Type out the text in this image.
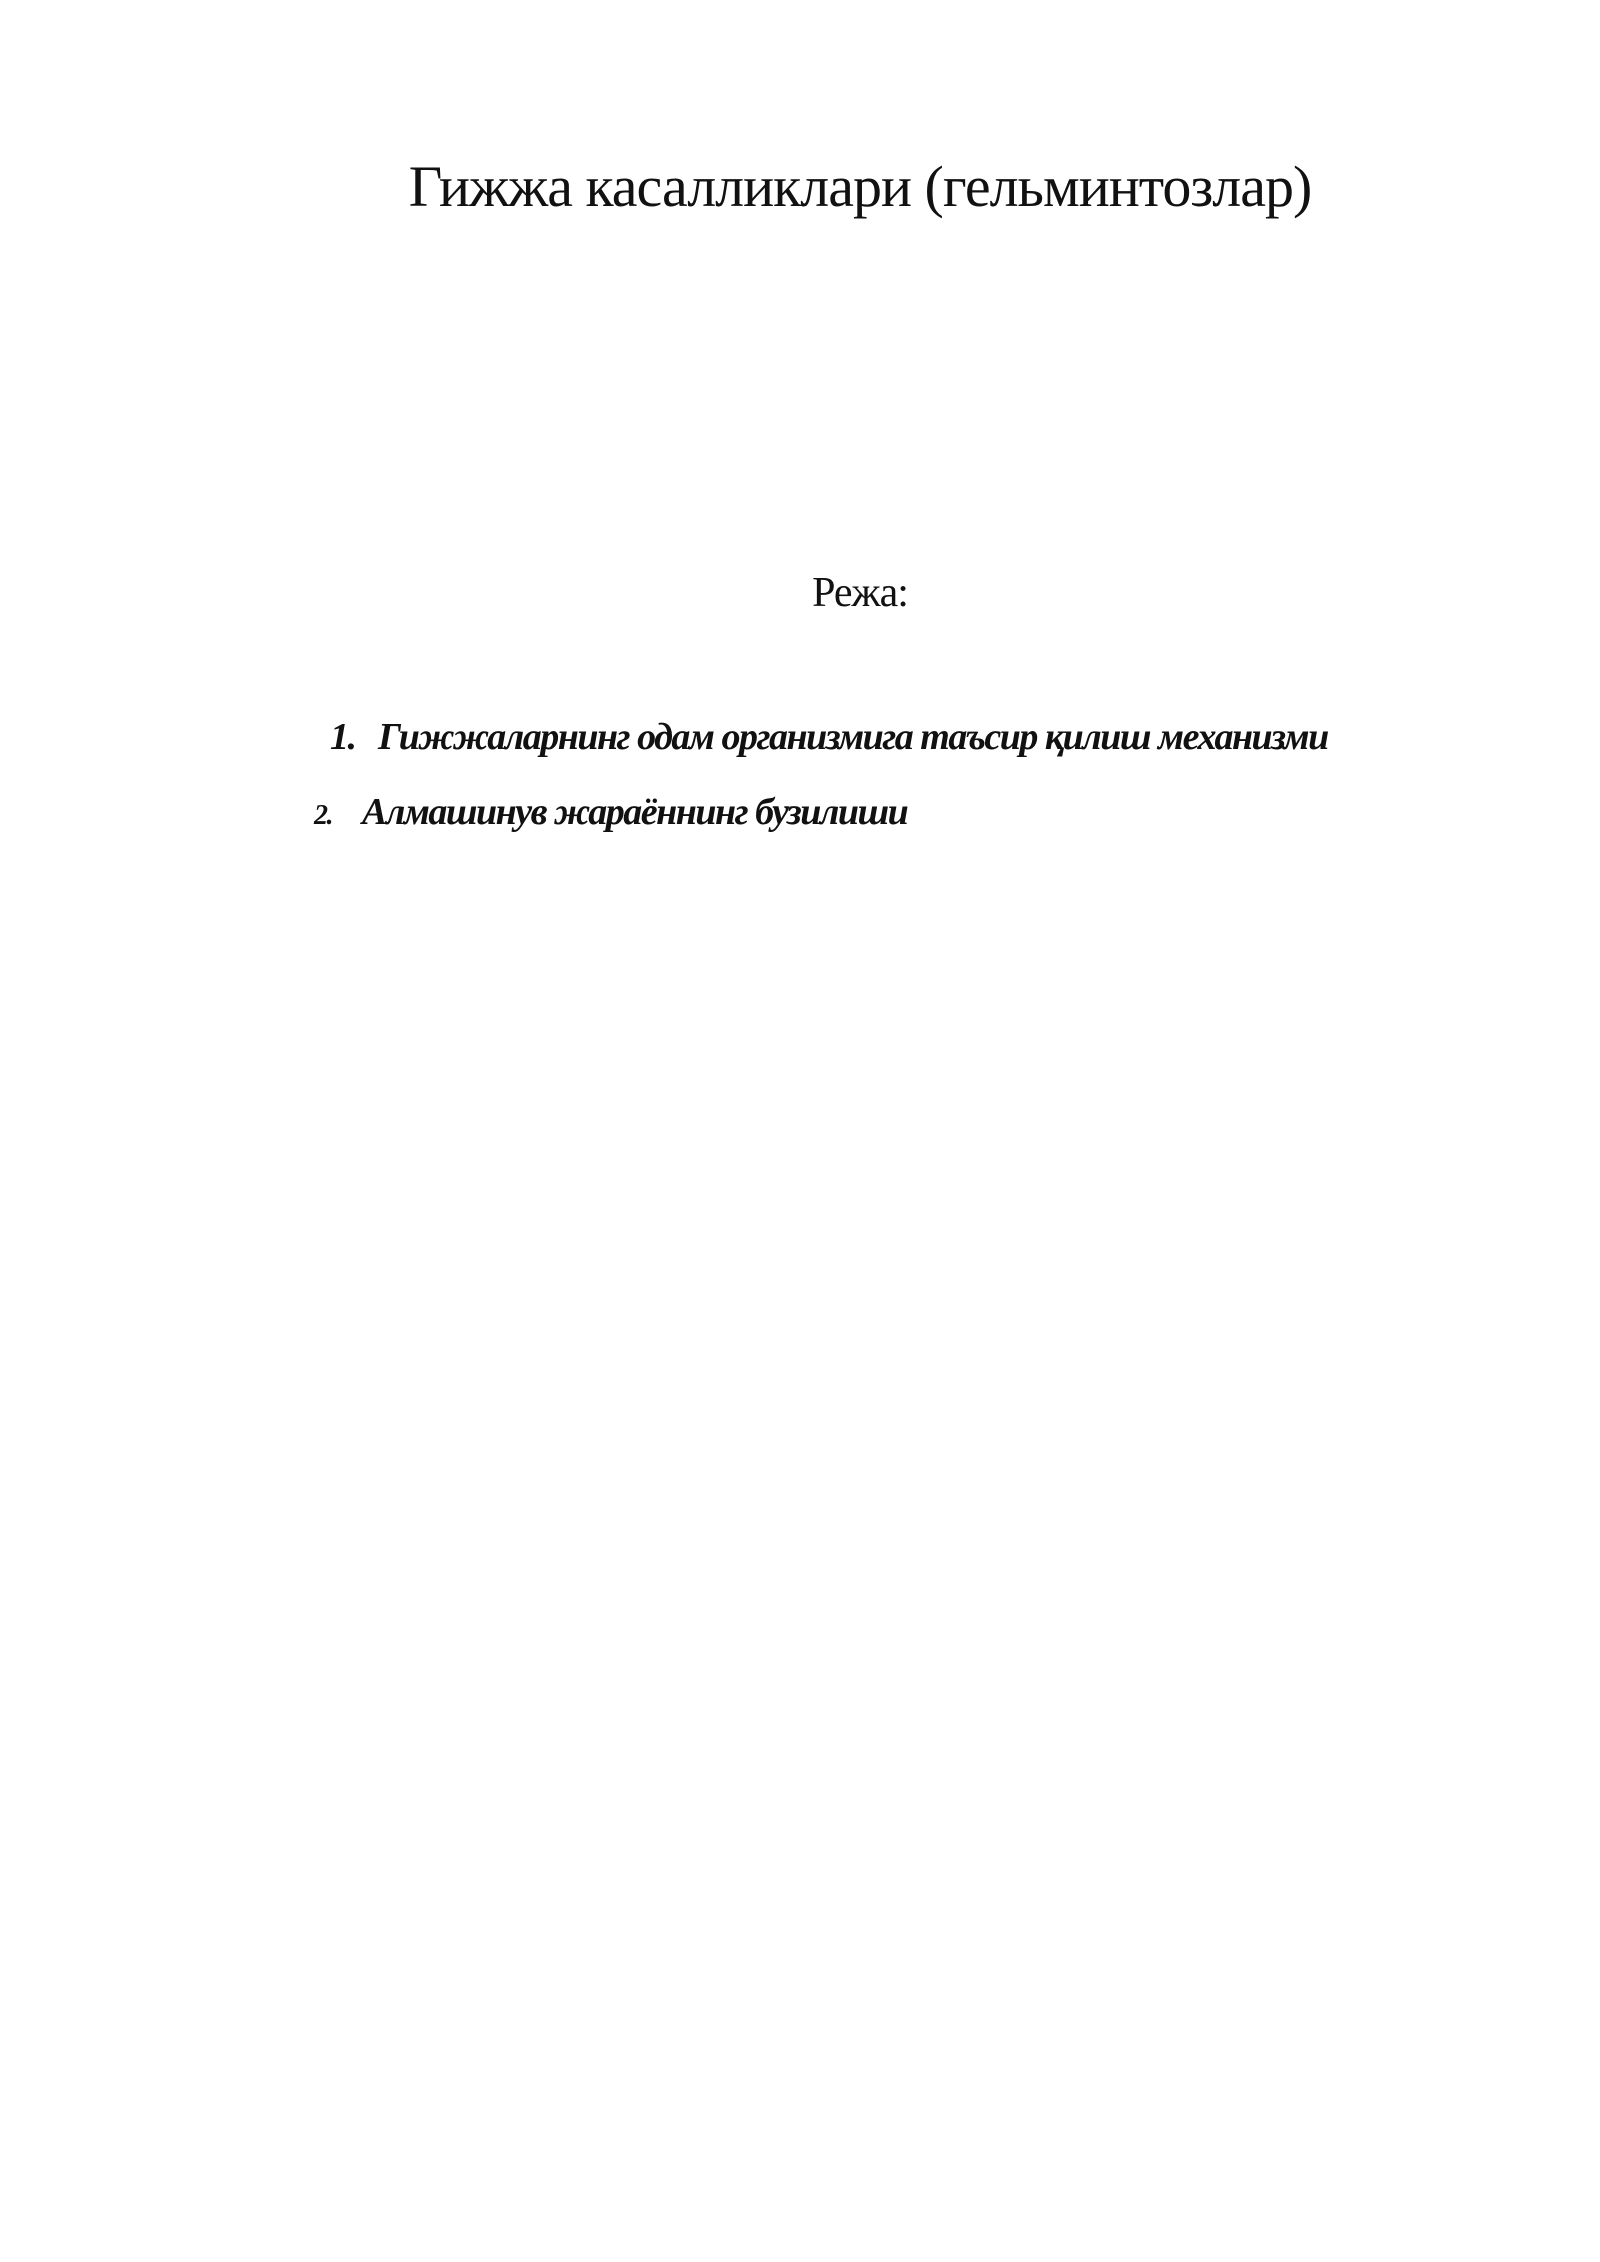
Гижжа касалликлари (гельминтозлар)
Режа:
1. Гижжаларнинг одам организмига таъсир қилиш механизми
2. Алмашинув жараённинг бузилиши
